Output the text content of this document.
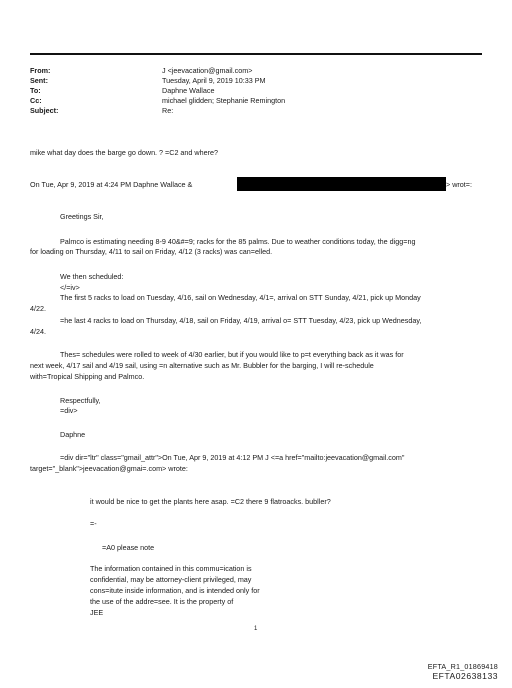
From:	J <jeevacation@gmail.com>
Sent:	Tuesday, April 9, 2019 10:33 PM
To:	Daphne Wallace
Cc:	michael glidden; Stephanie Remington
Subject:	Re:
mike what day does the barge go down. ? =C2 and where?
On Tue, Apr 9, 2019 at 4:24 PM Daphne Wallace &	> wrot=:
Greetings Sir,
Palmco is estimating needing 8-9 40&#=9; racks for the 85 palms. Due to weather conditions today, the digg=ng
for loading on Thursday, 4/11 to sail on Friday, 4/12 (3 racks) was can=elled.
We then scheduled:
</=iv>
The first 5 racks to load on Tuesday, 4/16, sail on Wednesday, 4/1=, arrival on STT Sunday, 4/21, pick up Monday
4/22.
=he last 4 racks to load on Thursday, 4/18, sail on Friday, 4/19, arrival o= STT Tuesday, 4/23, pick up Wednesday,
4/24.
Thes= schedules were rolled to week of 4/30 earlier, but if you would like to p=t everything back as it was for
next week, 4/17 sail and 4/19 sail, using =n alternative such as Mr. Bubbler for the barging, I will re-schedule
with=Tropical Shipping and Palmco.
Respectfully,
=div>
Daphne
=div dir="ltr" class="gmail_attr">On Tue, Apr 9, 2019 at 4:12 PM J <=a href="mailto:jeevacation@gmail.com"
target="_blank">jeevacation@gmai=.com> wrote:
it would be nice to get the plants here asap. =C2 there 9 flatroacks. bubller?
=-
=A0 please note
The information contained in this commu=ication is
confidential, may be attorney-client privileged, may
cons=itute inside information, and is intended only for
the use of the addre=see. It is the property of
JEE
1
EFTA_R1_01869418
EFTA02638133
